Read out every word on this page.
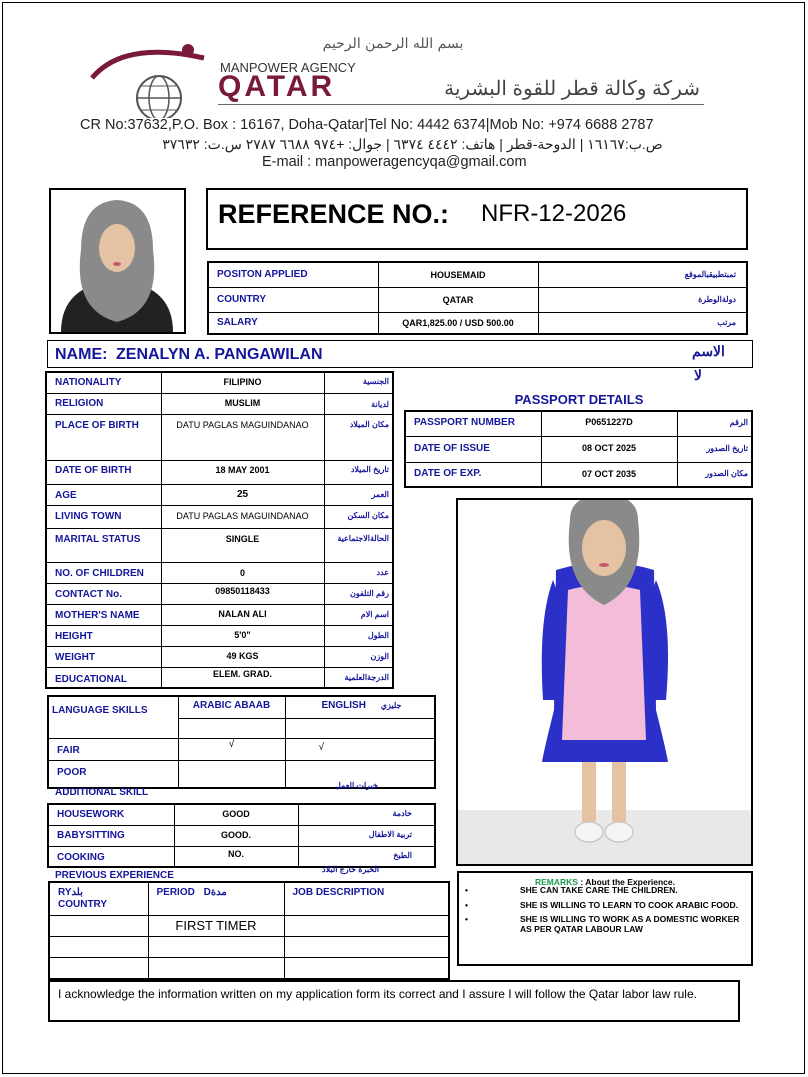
بسم الله الرحمن الرحيم
MANPOWER AGENCY
QATAR	شركة وكالة قطر للقوة البشرية
CR No:37632,P.O. Box : 16167, Doha-Qatar|Tel No: 4442 6374|Mob No: +974 6688 2787
ص.ب:١٦١٦٧ | الدوحة-قطر | هاتف: ٤٤٤٢ ٦٣٧٤ | جوال: +٩٧٤ ٦٦٨٨ ٢٧٨٧ س.ت: ٣٧٦٣٢
E-mail : manpoweragencyqa@gmail.com
REFERENCE NO.: NFR-12-2026
POSITON APPLIED	HOUSEMAID	تمبتطبيقبالموقع
COUNTRY	QATAR	دولةالوطرة
SALARY	QAR1,825.00 / USD 500.00	مرتب
NAME: ZENALYN A. PANGAWILAN	الاسم
لا
NATIONALITY	FILIPINO	الجنسية
RELIGION	MUSLIM	لديانة
PLACE OF BIRTH	DATU PAGLAS MAGUINDANAO	مكان الميلاد
DATE OF BIRTH	18 MAY 2001	تاريخ الميلاد
AGE	25	العمر
LIVING TOWN	DATU PAGLAS MAGUINDANAO	مكان السكن
MARITAL STATUS	SINGLE	الحالةالاجتماعية
NO. OF CHILDREN	0	عدد
CONTACT No.	09850118433	رقم التلفون
MOTHER'S NAME	NALAN ALI	اسم الام
HEIGHT	5'0"	الطول
WEIGHT	49 KGS	الوزن
EDUCATIONAL	ELEM. GRAD.	الدرجةالعلمية
PASSPORT DETAILS
PASSPORT NUMBER	P0651227D	الرقم
DATE OF ISSUE	08 OCT 2025	تاريخ الصدور
DATE OF EXP.	07 OCT 2035	مكان الصدور
LANGUAGE SKILLS	ARABIC ABAAB	ENGLISH جليزي

FAIR	√	√
POOR		
ADDITIONAL SKILL
خبرات العمل
HOUSEWORK	GOOD	خادمة
BABYSITTING	GOOD.	تربية الاطفال
COOKING	NO.	الطبخ
PREVIOUS EXPERIENCE
الخبرة خارج البلاد
RYبلد
COUNTRY	PERIOD Dمدة	JOB DESCRIPTION
	FIRST TIMER	

REMARKS : About the Experience.
•	SHE CAN TAKE CARE THE CHILDREN.
•	SHE IS WILLING TO LEARN TO COOK ARABIC FOOD.
•	SHE IS WILLING TO WORK AS A DOMESTIC WORKER AS PER QATAR LABOUR LAW
I acknowledge the information written on my application form its correct and I assure I will follow the Qatar labor law rule.
